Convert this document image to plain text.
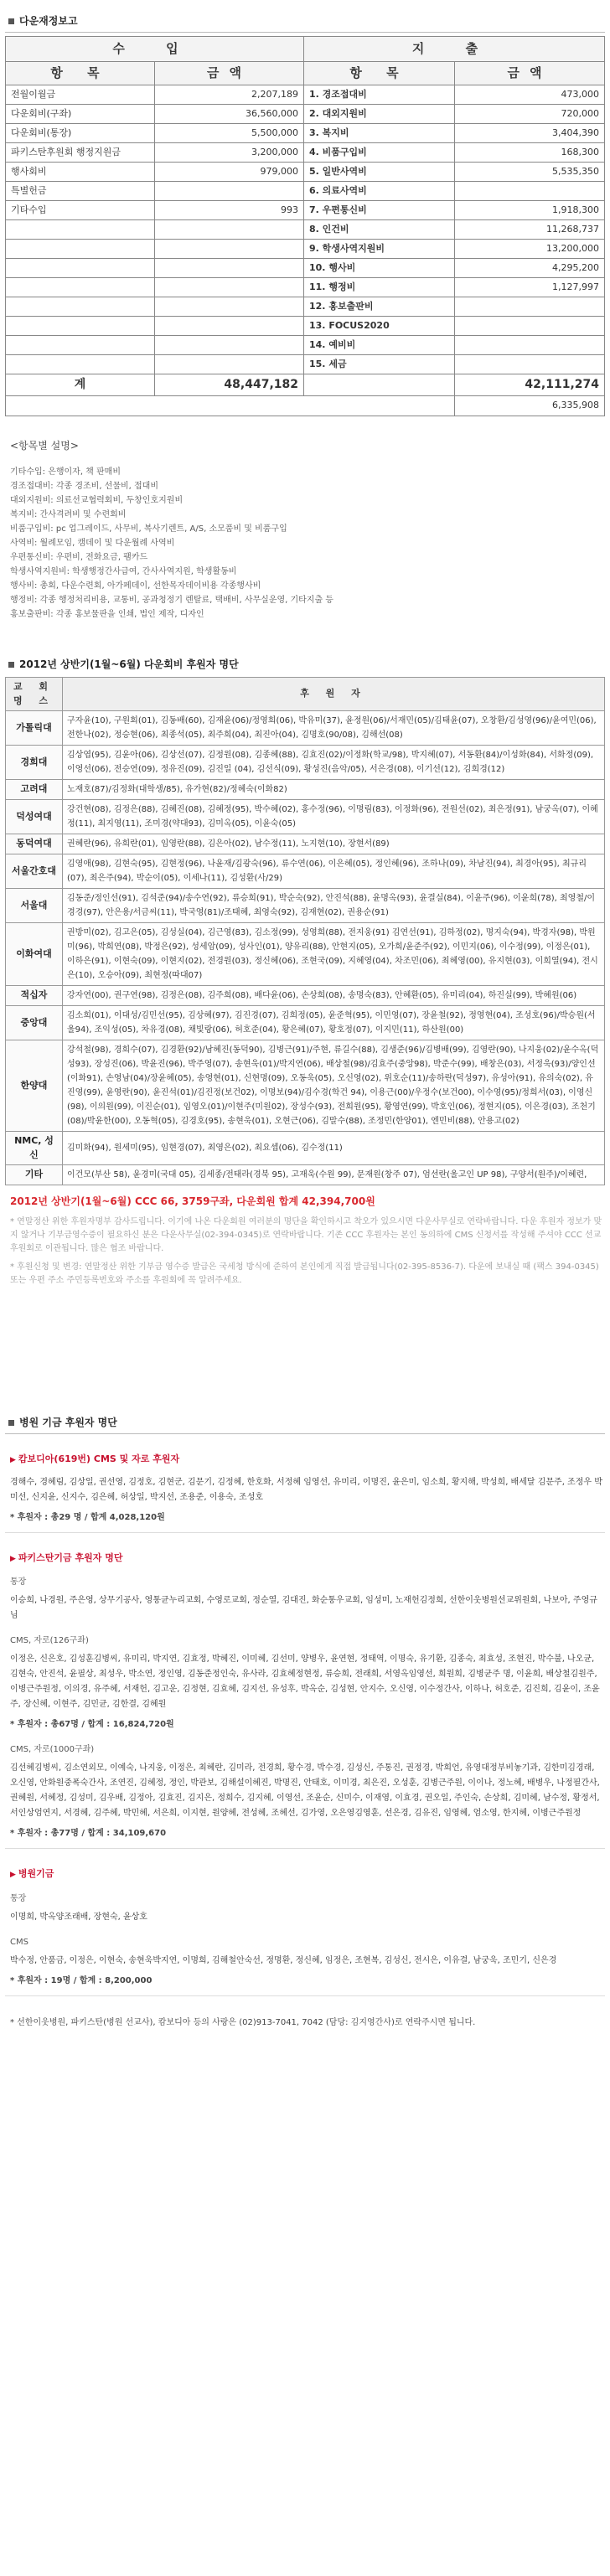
다운재정보고
수 입		지 출	
항 목	금액	항 목	금액
전월이월금	2,207,189	1. 경조접대비	473,000
다운회비(구좌)	36,560,000	2. 대외지원비	720,000
다운회비(통장)	5,500,000	3. 복지비	3,404,390
파키스탄후원회 행정지원금	3,200,000	4. 비품구입비	168,300
행사회비	979,000	5. 일반사역비	5,535,350
특별헌금		6. 의료사역비	
기타수입	993	7. 우편통신비	1,918,300
		8. 인건비	11,268,737
		9. 학생사역지원비	13,200,000
		10. 행사비	4,295,200
		11. 행정비	1,127,997
		12. 홍보출판비	
		13. FOCUS2020	
		14. 예비비	
		15. 세금	
계	48,447,182		42,111,274
			6,335,908
<항목별 설명>

기타수입: 은행이자, 책 판매비

경조접대비: 각종 경조비, 선물비, 접대비

대외지원비: 의료선교협력회비, 두창인호지원비

복지비: 간사격려비 및 수련회비

비품구입비: pc 업그레이드, 사무비, 복사기렌트, A/S, 소모품비 및 비품구입

사역비: 월례모임, 캠데이 및 다운월례 사역비

우편통신비: 우편비, 전화요금, 팸카드

학생사역지원비: 학생행정간사급여, 간사사역지원, 학생활동비

행사비: 총회, 다운수련회, 아가페데이, 선한목자데이비용 각종행사비

행정비: 각종 행정처리비용, 교통비, 공과청정기 렌탈료, 택배비, 사무실운영, 기타지출 등

홍보출판비: 각종 홍보물판을 인쇄, 법인 제작, 디자인

2012년 상반기(1월~6월) 다운회비 후원자 명단
교 회 명 스	후 원 자
가톨릭대	구자윤(10), 구원회(01), 김동배(60), 김재윤(06)/정영희(06), 박유미(37), 윤정원(06)/서재민(05)/김태윤(07), 오창환/김성영(96)/윤여민(06), 전한나(02), 정승현(06), 최종석(05), 최주희(04), 최진아(04), 김명호(90/08), 김해선(08)
경희대	김상엽(95), 김윤아(06), 김상선(07), 김정원(08), 김종혜(88), 김효진(02)/이정화(학교/98), 박지혜(07), 서동환(84)/이성화(84), 서화정(09), 이영선(06), 전승연(09), 정유진(09), 김진일 (04), 김선식(09), 황성진(음악/05), 서은경(08), 이기선(12), 김희경(12)
고려대	노재호(87)/김정화(대학생/85), 유가현(82)/정혜숙(이화82)
덕성여대	강건현(08), 김정은(88), 김혜진(08), 김혜정(95), 박수혜(02), 홍수정(96), 이명림(83), 이정화(96), 전원선(02), 최은정(91), 남궁옥(07), 이혜정(11), 최지영(11), 조미경(약대93), 김미옥(05), 이윤숙(05)
동덕여대	권혜란(96), 유희란(01), 임영란(88), 김은아(02), 남수정(11), 노지현(10), 장현서(89)
서울간호대	김영애(98), 김현숙(95), 김현정(96), 나윤재/김광숙(96), 류수연(06), 이은혜(05), 정인혜(96), 조하나(09), 차남진(94), 최경아(95), 최규리(07), 최은주(94), 박순이(05), 이세나(11), 김성환(사/29)
서울대	김동준/정인선(91), 김석준(94)/송수연(92), 류승희(91), 박순숙(92), 안진석(88), 윤명옥(93), 윤결실(84), 이윤주(96), 이윤희(78), 최영철/이경경(97), 안은용/서금씨(11), 박국영(81)/조태혜, 최영숙(92), 김재현(02), 권용순(91)
이화여대	권방미(02), 김고은(05), 김성실(04), 김근영(83), 김소정(99), 성영희(88), 전지웅(91) 김연선(91), 김하정(02), 명지숙(94), 박경자(98), 박원미(96), 박희연(08), 박정은(92), 성세암(09), 성사인(01), 양유리(88), 안현지(05), 오가희/윤준주(92), 이민지(06), 이수정(99), 이정은(01), 이하은(91), 이현숙(09), 이현지(02), 전경원(03), 정신혜(06), 조현국(09), 지혜영(04), 차조민(06), 최혜영(00), 유지현(03), 이희열(94), 전시은(10), 오승아(09), 최현정(따대07)
적십자	강자연(00), 권구연(98), 김정은(08), 김주희(08), 배다윤(06), 손상희(08), 송명숙(83), 안혜환(05), 유미리(04), 하진실(99), 박혜원(06)
중앙대	김소희(01), 이대성/김민선(95), 김상혜(97), 김진경(07), 김희정(05), 윤준혁(95), 이민영(07), 장윤철(92), 정영현(04), 조성호(96)/박승원(서울94), 조익성(05), 차유경(08), 채빛랑(06), 허호준(04), 황은혜(07), 황호정(07), 이지민(11), 하산원(00)
한양대	강석철(98), 경희수(07), 김경환(92)/남혜진(동덕90), 김병근(91)/주현, 류길수(88), 김생준(96)/김병배(99), 김영란(90), 나지웅(02)/윤수옥(덕성93), 장성진(06), 박윤진(96), 박주영(07), 송현욱(01)/박지연(06), 배상철(98)/김효주(중앙98), 박준수(99), 배창은(03), 서정욱(93)/양인선(이화91), 손영남(04)/장윤혜(05), 송영현(01), 신현명(09), 오동욱(05), 오신영(02), 위호순(11)/송하란(덕성97), 유성아(91), 유의숙(02), 유진영(99), 윤영란(90), 윤진석(01)/김진정(보건02), 이명보(94)/김수경(학건 94), 이용근(00)/우정수(보건00), 이수영(95)/정희서(03), 이영신(98), 이의원(99), 이진순(01), 임영오(01)/이현주(미원02), 장성수(93), 전희원(95), 황영연(99), 박호인(06), 정현지(05), 이은경(03), 조천기(08)/박윤한(00), 오동혁(05), 김경호(95), 송현욱(01), 오현근(06), 김말수(88), 조정민(한양01), 엔민비(88), 안용고(02)
NMC, 성신	김미화(94), 원세미(95), 임현경(07), 최영은(02), 최요셉(06), 김수정(11)
기타	이건모(부산 58), 윤경미(국대 05), 김세종/전태라(경북 95), 고재욱(수원 99), 문재원(창주 07), 엄선란(울고인 UP 98), 구양서(원주)/이혜련,
2012년 상반기(1월~6월) CCC 66, 3759구좌, 다운회원 합계 42,394,700원

* 연말정산 위한 후원자명부 감사드립니다. 이기에 나온 다운회원 여러분의 명단을 확인하시고 착오가 있으시면 다운사무실로 연락바랍니다. 다운 후원자 정보가 맞지 않거나 기부금영수증이 필요하신 분은 다운사무실(02-394-0345)로 연락바랍니다. 기존 CCC 후원자는 본인 동의하에 CMS 신청서를 작성해 주셔야 CCC 선교후원회로 이관됩니다. 많은 협조 바랍니다.

* 후원신청 및 변경: 연말정산 위한 기부금 영수증 발급은 국세청 방식에 준하여 본인에게 직접 발급됩니다(02-395-8536-7). 다운에 보내실 때 (팩스 394-0345) 또는 우편 주소 주민등록번호와 주소를 후원회에 꼭 알려주세요.

병원 기금 후원자 명단
▶ 캄보디아(619번) CMS 및 자로 후원자
경해수, 경혜림, 김상일, 권선영, 김정호, 김현군, 김문기, 김정혜, 한호화, 서정혜 임영선, 유미리, 이명진, 윤은미, 임소희, 황지해, 박성희, 배세달 김문주, 조정우 박미선, 신지윤, 신지수, 김은혜, 허상일, 박지선, 조용준, 이용숙, 조성호
* 후원자 : 총29 명 / 합계 4,028,120원
▶ 파키스탄기금 후원자 명단
통장
이승희, 나경원, 주은영, 상무기공사, 영통균누리교회, 수영로교회, 정순열, 김대진, 화순통우교회, 임성미, 노재헌김정희, 선한이웃병원선교위원회, 나보아, 주영규님
CMS, 자로(126구좌)
이정은, 신은호, 김성훈김병씨, 유미리, 박지연, 김효정, 박혜진, 이미혜, 김선미, 양병우, 윤연현, 정태역, 이명숙, 유기환, 김종숙, 최효성, 조현진, 박수불, 나오균, 김현숙, 안진석, 윤필상, 최성우, 박소연, 정인영, 김동준정인숙, 유사라, 김효혜정현정, 류승희, 전래희, 서영옥임영선, 희원희, 김병균주 명, 이윤희, 배상철김원주, 이병근주원정, 이의경, 유주혜, 서재헌, 김고운, 김정현, 김효혜, 김지선, 유성후, 박옥순, 김성현, 안지수, 오신영, 이수정간사, 이하나, 허호준, 김진희, 김윤이, 조윤주, 장신혜, 이현주, 김민균, 김한결, 김혜원
* 후원자 : 총67명 / 합계 : 16,824,720원
CMS, 자로(1000구좌)
김선혜김병씨, 김소연외모, 이예숙, 나지웅, 이정은, 최혜란, 김미라, 전경희, 황수경, 박수경, 김성신, 주통진, 권정경, 박희언, 유영대정부비놓기과, 김한미김경래, 오신영, 안화원중폭숙간사, 조연진, 김혜정, 정인, 박관보, 김해설이혜진, 박명진, 안태호, 이미경, 최은진, 오성훈, 김병근주원, 이이나, 정노혜, 배병우, 나정필간사, 권혜원, 서혜정, 김성미, 김우배, 김정아, 김효진, 김지은, 정희수, 김지혜, 이영선, 조윤순, 신미수, 이재영, 이효경, 권오일, 주인숙, 손상희, 김미혜, 남수정, 황정서, 서인상엄연지, 서경혜, 김주혜, 박민혜, 서은희, 이지현, 원양혜, 전성혜, 조혜선, 김가영, 오은영김영훈, 선은경, 김유진, 임영혜, 엄소영, 한지혜, 이병근주원정
* 후원자 : 총77명 / 합계 : 34,109,670
▶ 병원기금
통장
이명희, 박옥양조래배, 장현숙, 윤상호
CMS
박수정, 안품금, 이정은, 이현숙, 송현욱박지연, 이명희, 김해철안숙선, 정명환, 정신혜, 임정은, 조현복, 김성신, 전시은, 이유결, 남궁욱, 조민기, 신은경
* 후원자 : 19명 / 합계 : 8,200,000
* 선한이웃병원, 파키스탄(병원 선교사), 캄보디아 등의 사랑은 (02)913-7041, 7042 (담당: 김지영간사)로 연락주시면 됩니다.
